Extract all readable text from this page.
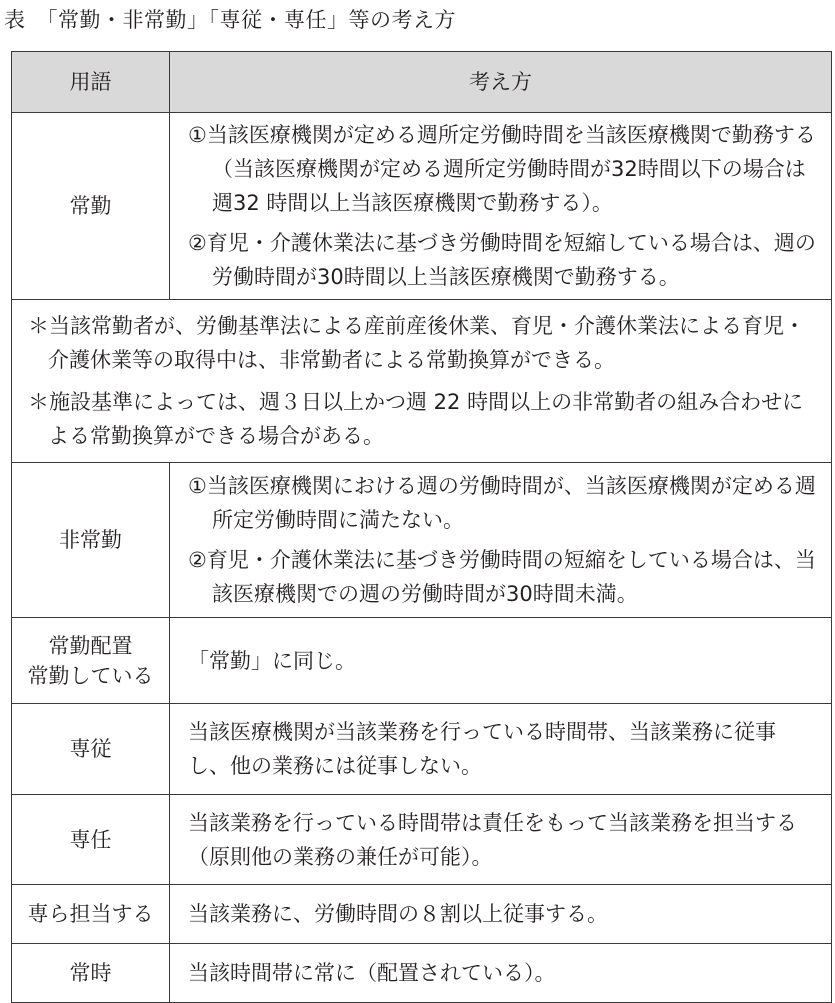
表　「常勤・非常勤」「専従・専任」等の考え方
用語	考え方
常勤	①当該医療機関が定める週所定労働時間を当該医療機関で勤務する（当該医療機関が定める週所定労働時間が32時間以下の場合は週32 時間以上当該医療機関で勤務する）。

②育児・介護休業法に基づき労働時間を短縮している場合は、週の労働時間が30時間以上当該医療機関で勤務する。

＊当該常勤者が、労働基準法による産前産後休業、育児・介護休業法による育児・介護休業等の取得中は、非常勤者による常勤換算ができる。

＊施設基準によっては、週３日以上かつ週 22 時間以上の非常勤者の組み合わせによる常勤換算ができる場合がある。	

非常勤	①当該医療機関における週の労働時間が、当該医療機関が定める週所定労働時間に満たない。

②育児・介護休業法に基づき労働時間の短縮をしている場合は、当該医療機関での週の労働時間が30時間未満。

常勤配置
常勤している	「常勤」に同じ。

専従	当該医療機関が当該業務を行っている時間帯、当該業務に従事し、他の業務には従事しない。

専任	当該業務を行っている時間帯は責任をもって当該業務を担当する（原則他の業務の兼任が可能）。

専ら担当する	当該業務に、労働時間の８割以上従事する。

常時	当該時間帯に常に（配置されている）。
